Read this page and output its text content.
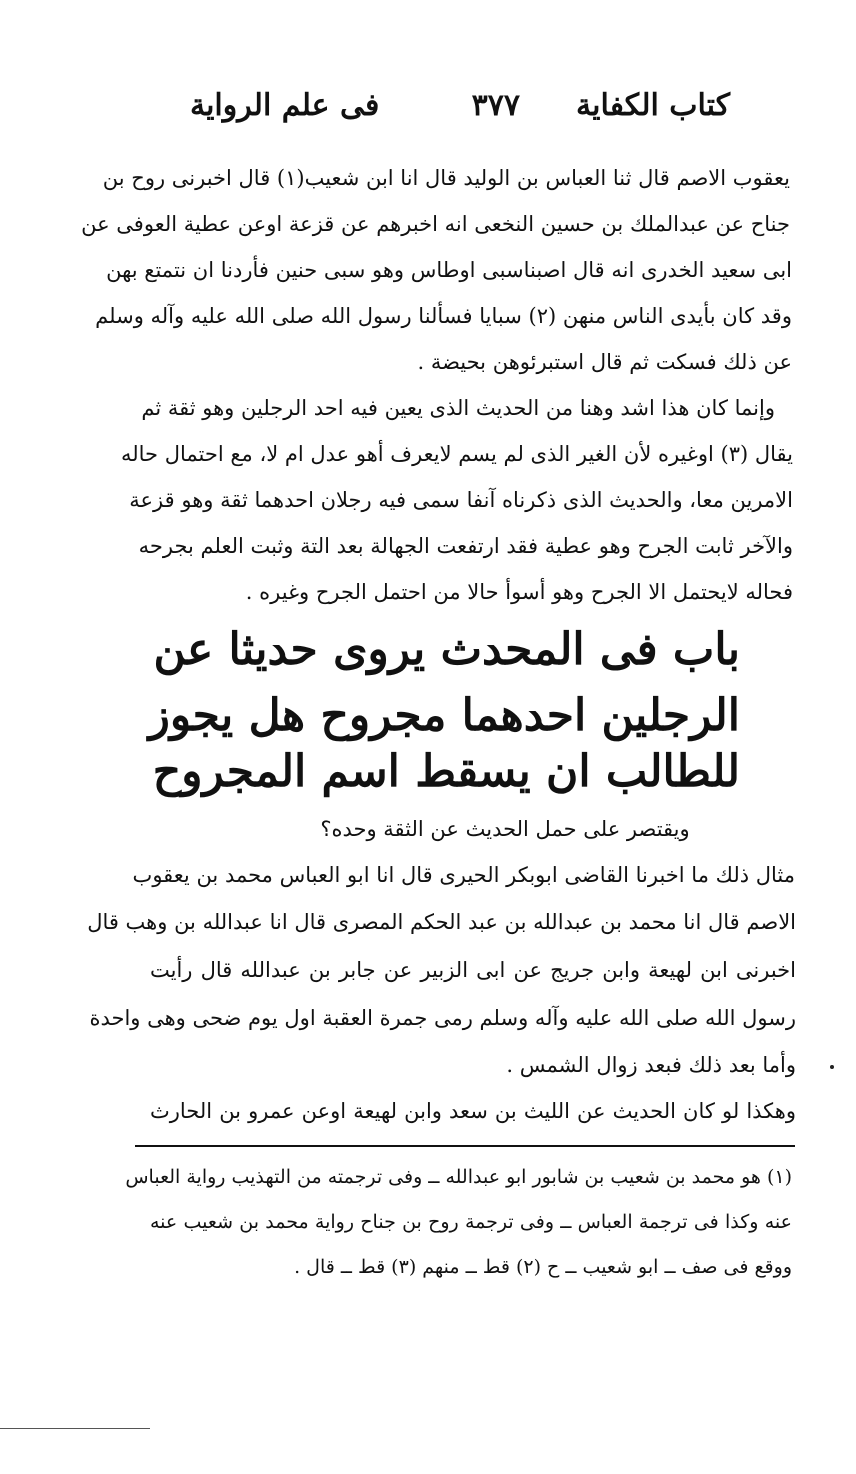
كتاب الكفاية
٣٧٧
فى علم الرواية
يعقوب الاصم قال ثنا العباس بن الوليد قال انا ابن شعيب(١) قال اخبرنى روح بن
جناح عن عبدالملك بن حسين النخعى انه اخبرهم عن قزعة اوعن عطية العوفى عن
ابى سعيد الخدرى انه قال اصبناسبى اوطاس وهو سبى حنين فأردنا ان نتمتع بهن
وقد كان بأيدى الناس منهن (٢) سبايا فسألنا رسول الله صلى الله عليه وآله وسلم
عن ذلك فسكت ثم قال استبرئوهن بحيضة .
وإنما كان هذا اشد وهنا من الحديث الذى يعين فيه احد الرجلين وهو ثقة ثم
يقال (٣) اوغيره لأن الغير الذى لم يسم لايعرف أهو عدل ام لا، مع احتمال حاله
الامرين معا، والحديث الذى ذكرناه آنفا سمى فيه رجلان احدهما ثقة وهو قزعة
والآخر ثابت الجرح وهو عطية فقد ارتفعت الجهالة بعد التة وثبت العلم بجرحه
فحاله لايحتمل الا الجرح وهو أسوأ حالا من احتمل الجرح وغيره .
باب فى المحدث يروى حديثا عن
الرجلين احدهما مجروح هل يجوز
للطالب ان يسقط اسم المجروح
ويقتصر على حمل الحديث عن الثقة وحده؟
مثال ذلك ما اخبرنا القاضى ابوبكر الحيرى قال انا ابو العباس محمد بن يعقوب
الاصم قال انا محمد بن عبدالله بن عبد الحكم المصرى قال انا عبدالله بن وهب قال
اخبرنى ابن لهيعة وابن جريج عن ابى الزبير عن جابر بن عبدالله قال رأيت
رسول الله صلى الله عليه وآله وسلم رمى جمرة العقبة اول يوم ضحى وهى واحدة
وأما بعد ذلك فبعد زوال الشمس .
وهكذا لو كان الحديث عن الليث بن سعد وابن لهيعة اوعن عمرو بن الحارث
(١) هو محمد بن شعيب بن شابور ابو عبدالله ــ وفى ترجمته من التهذيب رواية العباس
عنه وكذا فى ترجمة العباس ــ وفى ترجمة روح بن جناح رواية محمد بن شعيب عنه
ووقع فى صف ــ ابو شعيب ــ ح (٢) قط ــ منهم (٣) قط ــ قال .
